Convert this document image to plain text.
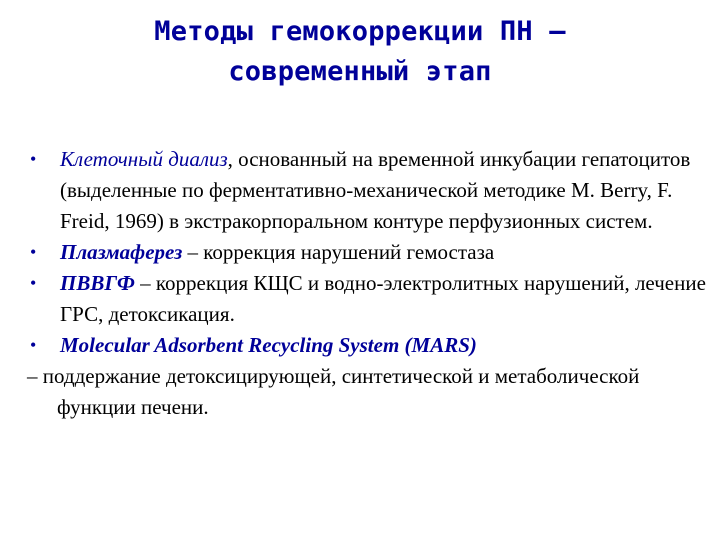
Методы гемокоррекции ПН –
современный этап
• Клеточный диализ, основанный на временной инкубации гепатоцитов (выделенные по ферментативно-механической методике M. Berry, F. Freid, 1969) в экстракорпоральном контуре перфузионных систем.
• Плазмаферез – коррекция нарушений гемостаза
• ПВВГФ – коррекция КЩС и водно-электролитных нарушений, лечение ГРС, детоксикация.
• Molecular Adsorbent Recycling System (MARS)
– поддержание детоксицирующей, синтетической и метаболической функции печени.
